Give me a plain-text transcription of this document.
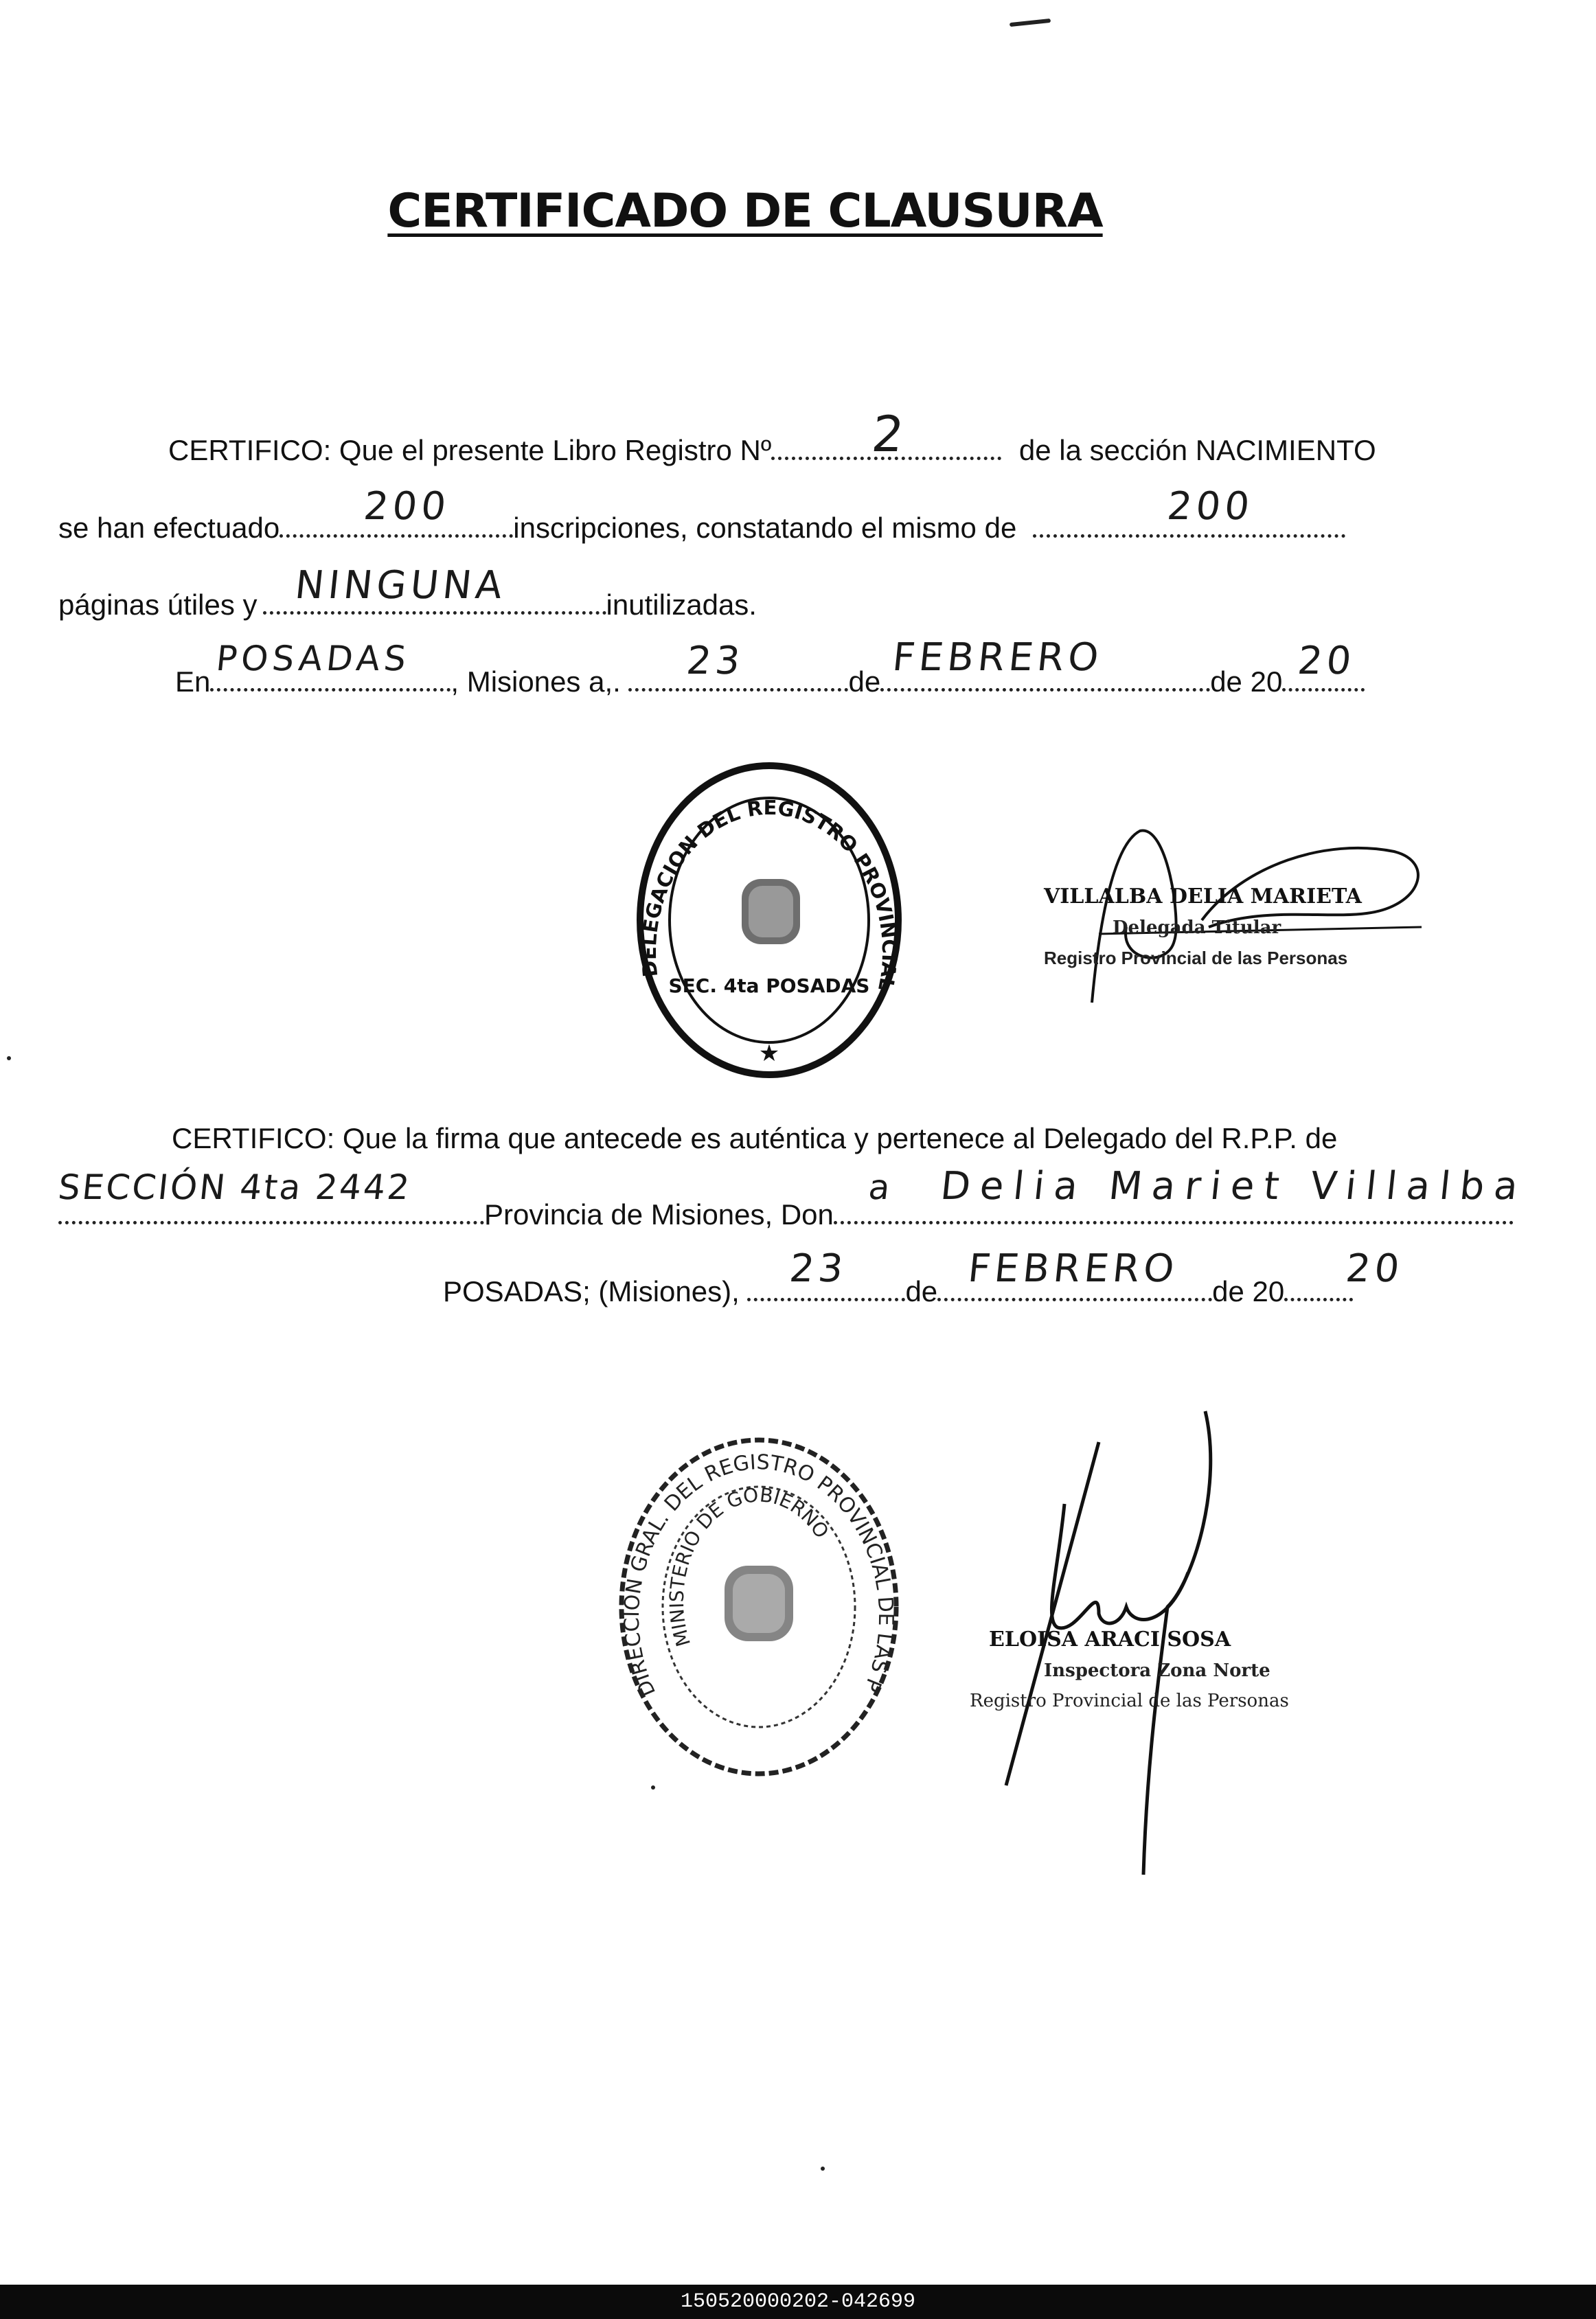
CERTIFICADO DE CLAUSURA
CERTIFICO: Que el presente Libro Registro Nº	de la sección NACIMIENTO
2
se han efectuado	inscripciones, constatando el mismo de
200	200
páginas útiles y	inutilizadas.
NINGUNA
En	, Misiones a,.	de	de 20
POSADAS	23	FEBRERO	20
DELEGACION DEL REGISTRO PROVINCIAL
SEC. 4ta POSADAS
★
VILLALBA DELIA MARIETA
Delegada Titular
Registro Provincial de las Personas
CERTIFICO: Que la firma que antecede es auténtica y pertenece al Delegado del R.P.P. de
Provincia de Misiones, Don
SECCIÓN 4ta 2442	a Delia Mariet Villalba
POSADAS; (Misiones),	de	de 20
23	FEBRERO	20
DIRECCION GRAL. DEL REGISTRO PROVINCIAL DE LAS P
MINISTERIO DE GOBIERNO
ELOISA ARACI SOSA
Inspectora Zona Norte
Registro Provincial de las Personas
150520000202-042699
